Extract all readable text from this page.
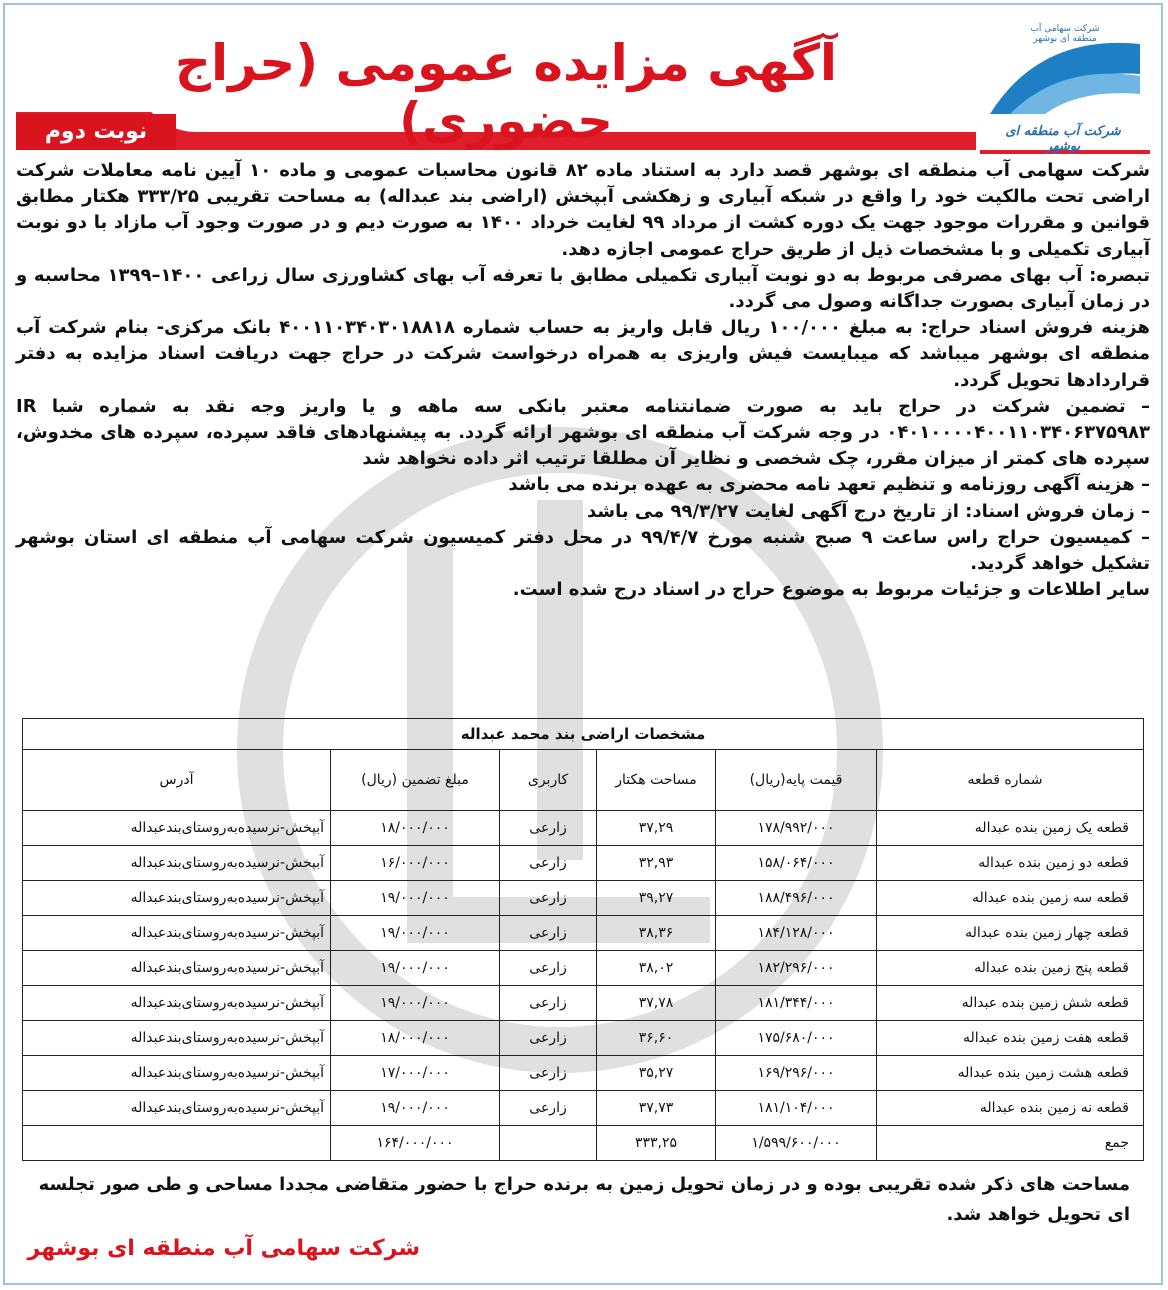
آگهی مزایده عمومی (حراج حضوری)
نوبت دوم
شرکت سهامی آب منطقه ای بوشهر
شرکت آب منطقه ای بوشهر

شرکت سهامی آب منطقه ای بوشهر قصد دارد به استناد ماده ۸۲ قانون محاسبات عمومی و ماده ۱۰ آیین نامه معاملات شرکت اراضی تحت مالکیت خود را واقع در شبکه آبیاری و زهکشی آبپخش (اراضی بند عبداله) به مساحت تقریبی ۳۳۳/۲۵ هکتار مطابق قوانین و مقررات موجود جهت یک دوره کشت از مرداد ۹۹ لغایت خرداد ۱۴۰۰ به صورت دیم و در صورت وجود آب مازاد با دو نوبت آبیاری تکمیلی و با مشخصات ذیل از طریق حراج عمومی اجازه دهد.

تبصره: آب بهای مصرفی مربوط به دو نوبت آبیاری تکمیلی مطابق با تعرفه آب بهای کشاورزی سال زراعی ۱۴۰۰–۱۳۹۹ محاسبه و در زمان آبیاری بصورت جداگانه وصول می گردد.

هزینه فروش اسناد حراج: به مبلغ ۱۰۰/۰۰۰ ریال قابل واریز به حساب شماره ۴۰۰۱۱۰۳۴۰۳۰۱۸۸۱۸ بانک مرکزی- بنام شرکت آب منطقه ای بوشهر میباشد که میبایست فیش واریزی به همراه درخواست شرکت در حراج جهت دریافت اسناد مزایده به دفتر قراردادها تحویل گردد.

– تضمین شرکت در حراج باید به صورت ضمانتنامه معتبر بانکی سه ماهه و یا واریز وجه نقد به شماره شبا IR ۰۴۰۱۰۰۰۰۴۰۰۱۱۰۳۴۰۶۳۷۵۹۸۳ در وجه شرکت آب منطقه ای بوشهر ارائه گردد. به پیشنهادهای فاقد سپرده، سپرده های مخدوش، سپرده های کمتر از میزان مقرر، چک شخصی و نظایر آن مطلقا ترتیب اثر داده نخواهد شد

– هزینه آگهی روزنامه و تنظیم تعهد نامه محضری به عهده برنده می باشد

– زمان فروش اسناد: از تاریخ درج آگهی لغایت ۹۹/۳/۲۷ می باشد

– کمیسیون حراج راس ساعت ۹ صبح شنبه مورخ ۹۹/۴/۷ در محل دفتر کمیسیون شرکت سهامی آب منطقه ای استان بوشهر تشکیل خواهد گردید.

سایر اطلاعات و جزئیات مربوط به موضوع حراج در اسناد درج شده است.

مشخصات اراضی بند محمد عبداله					
شماره قطعه	قیمت پایه(ریال)	مساحت هکتار	کاربری	مبلغ تضمین (ریال)	آدرس
قطعه یک زمین بنده عبداله	۱۷۸/۹۹۲/۰۰۰	۳۷,۲۹	زارعی	۱۸/۰۰۰/۰۰۰	آبپخش-نرسیده‌به‌روستای‌بندعبداله
قطعه دو زمین بنده عبداله	۱۵۸/۰۶۴/۰۰۰	۳۲,۹۳	زارعی	۱۶/۰۰۰/۰۰۰	آبپخش-نرسیده‌به‌روستای‌بندعبداله
قطعه سه زمین بنده عبداله	۱۸۸/۴۹۶/۰۰۰	۳۹,۲۷	زارعی	۱۹/۰۰۰/۰۰۰	آبپخش-نرسیده‌به‌روستای‌بندعبداله
قطعه چهار زمین بنده عبداله	۱۸۴/۱۲۸/۰۰۰	۳۸,۳۶	زارعی	۱۹/۰۰۰/۰۰۰	آبپخش-نرسیده‌به‌روستای‌بندعبداله
قطعه پنج زمین بنده عبداله	۱۸۲/۲۹۶/۰۰۰	۳۸,۰۲	زارعی	۱۹/۰۰۰/۰۰۰	آبپخش-نرسیده‌به‌روستای‌بندعبداله
قطعه شش زمین بنده عبداله	۱۸۱/۳۴۴/۰۰۰	۳۷,۷۸	زارعی	۱۹/۰۰۰/۰۰۰	آبپخش-نرسیده‌به‌روستای‌بندعبداله
قطعه هفت زمین بنده عبداله	۱۷۵/۶۸۰/۰۰۰	۳۶,۶۰	زارعی	۱۸/۰۰۰/۰۰۰	آبپخش-نرسیده‌به‌روستای‌بندعبداله
قطعه هشت زمین بنده عبداله	۱۶۹/۲۹۶/۰۰۰	۳۵,۲۷	زارعی	۱۷/۰۰۰/۰۰۰	آبپخش-نرسیده‌به‌روستای‌بندعبداله
قطعه نه زمین بنده عبداله	۱۸۱/۱۰۴/۰۰۰	۳۷,۷۳	زارعی	۱۹/۰۰۰/۰۰۰	آبپخش-نرسیده‌به‌روستای‌بندعبداله
جمع	۱/۵۹۹/۶۰۰/۰۰۰	۳۳۳,۲۵		۱۶۴/۰۰۰/۰۰۰	
مساحت های ذکر شده تقریبی بوده و در زمان تحویل زمین به برنده حراج با حضور متقاضی مجددا مساحی و طی صور تجلسه ای تحویل خواهد شد.
شرکت سهامی آب منطقه ای بوشهر
